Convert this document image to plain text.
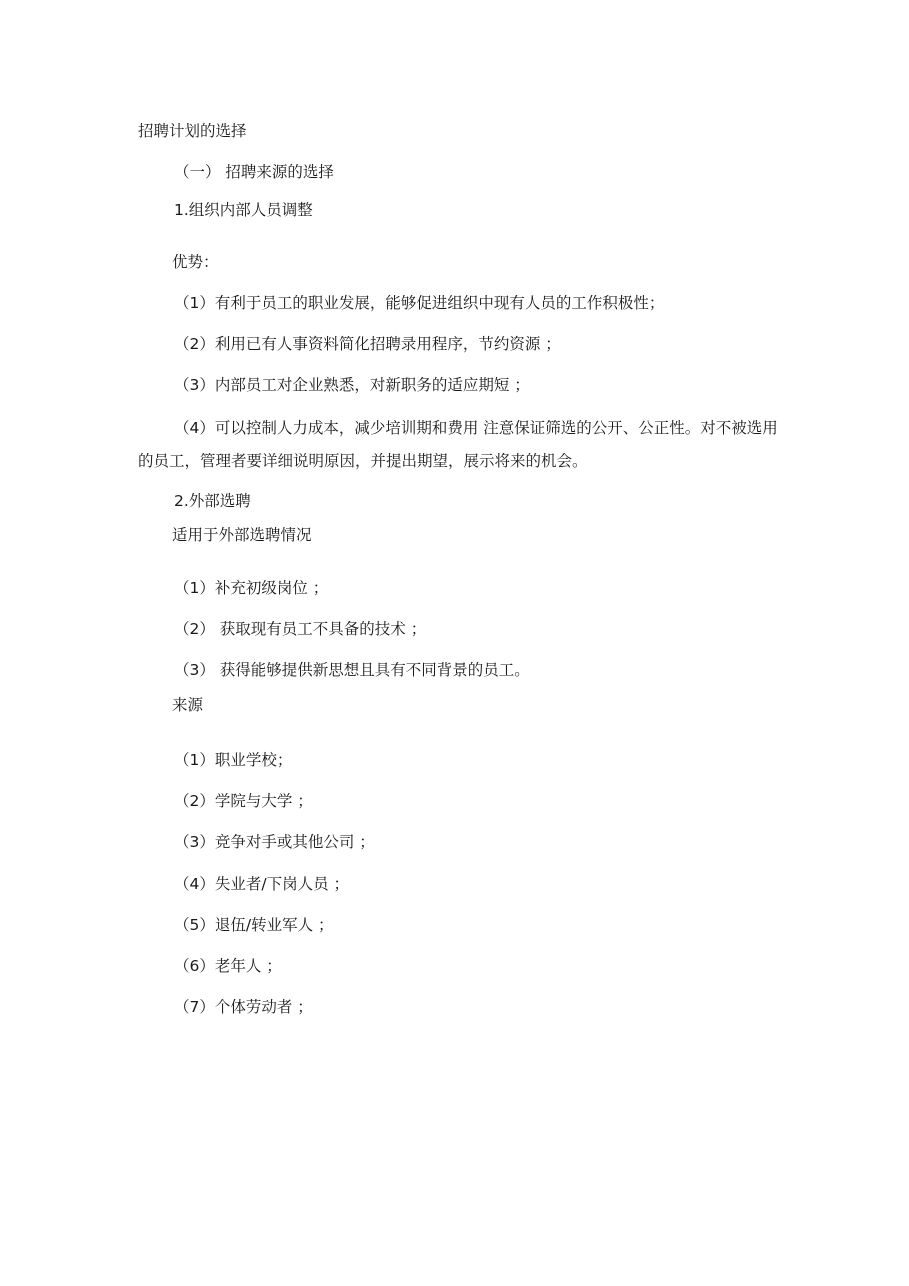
招聘计划的选择
（一） 招聘来源的选择
1.组织内部人员调整
优势：
（1）有利于员工的职业发展，能够促进组织中现有人员的工作积极性；
（2）利用已有人事资料简化招聘录用程序，节约资源 ；
（3）内部员工对企业熟悉，对新职务的适应期短 ；
（4）可以控制人力成本，减少培训期和费用 注意保证筛选的公开、公正性。对不被选用的员工，管理者要详细说明原因，并提出期望，展示将来的机会。
2.外部选聘
适用于外部选聘情况
（1）补充初级岗位 ；
（2） 获取现有员工不具备的技术 ；
（3） 获得能够提供新思想且具有不同背景的员工。
来源
（1）职业学校；
（2）学院与大学 ；
（3）竞争对手或其他公司 ；
（4）失业者/下岗人员 ；
（5）退伍/转业军人 ；
（6）老年人 ；
（7）个体劳动者 ；
